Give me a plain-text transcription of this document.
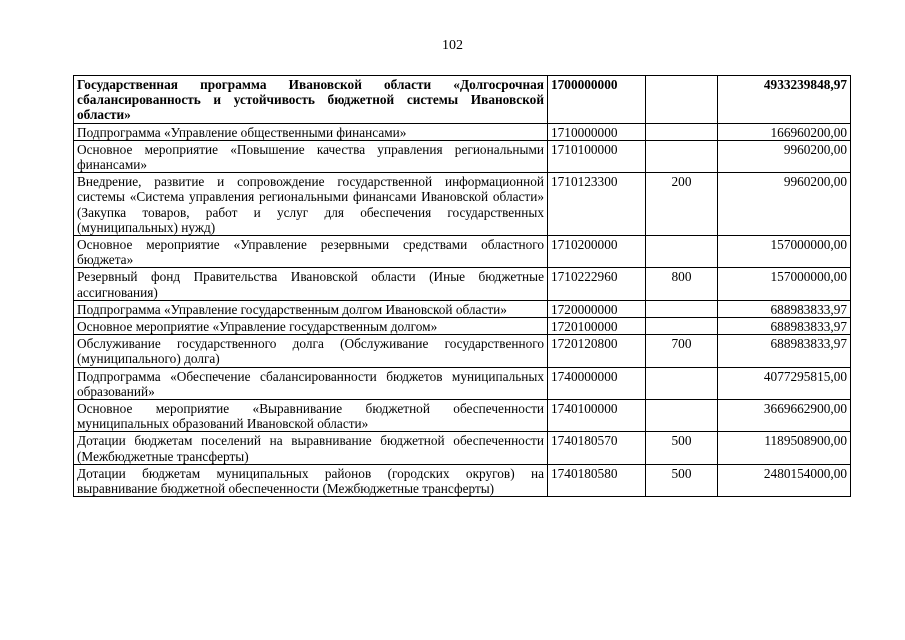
102
Государственная программа Ивановской области «Долгосрочная сбалансированность и устойчивость бюджетной системы Ивановской области»	1700000000		4933239848,97
Подпрограмма «Управление общественными финансами»	1710000000		166960200,00
Основное мероприятие «Повышение качества управления региональными финансами»	1710100000		9960200,00
Внедрение, развитие и сопровождение государственной информационной системы «Система управления региональными финансами Ивановской области» (Закупка товаров, работ и услуг для обеспечения государственных (муниципальных) нужд)	1710123300	200	9960200,00
Основное мероприятие «Управление резервными средствами областного бюджета»	1710200000		157000000,00
Резервный фонд Правительства Ивановской области (Иные бюджетные ассигнования)	1710222960	800	157000000,00
Подпрограмма «Управление государственным долгом Ивановской области»	1720000000		688983833,97
Основное мероприятие «Управление государственным долгом»	1720100000		688983833,97
Обслуживание государственного долга (Обслуживание государственного (муниципального) долга)	1720120800	700	688983833,97
Подпрограмма «Обеспечение сбалансированности бюджетов муниципальных образований»	1740000000		4077295815,00
Основное мероприятие «Выравнивание бюджетной обеспеченности муниципальных образований Ивановской области»	1740100000		3669662900,00
Дотации бюджетам поселений на выравнивание бюджетной обеспеченности (Межбюджетные трансферты)	1740180570	500	1189508900,00
Дотации бюджетам муниципальных районов (городских округов) на выравнивание бюджетной обеспеченности (Межбюджетные трансферты)	1740180580	500	2480154000,00
